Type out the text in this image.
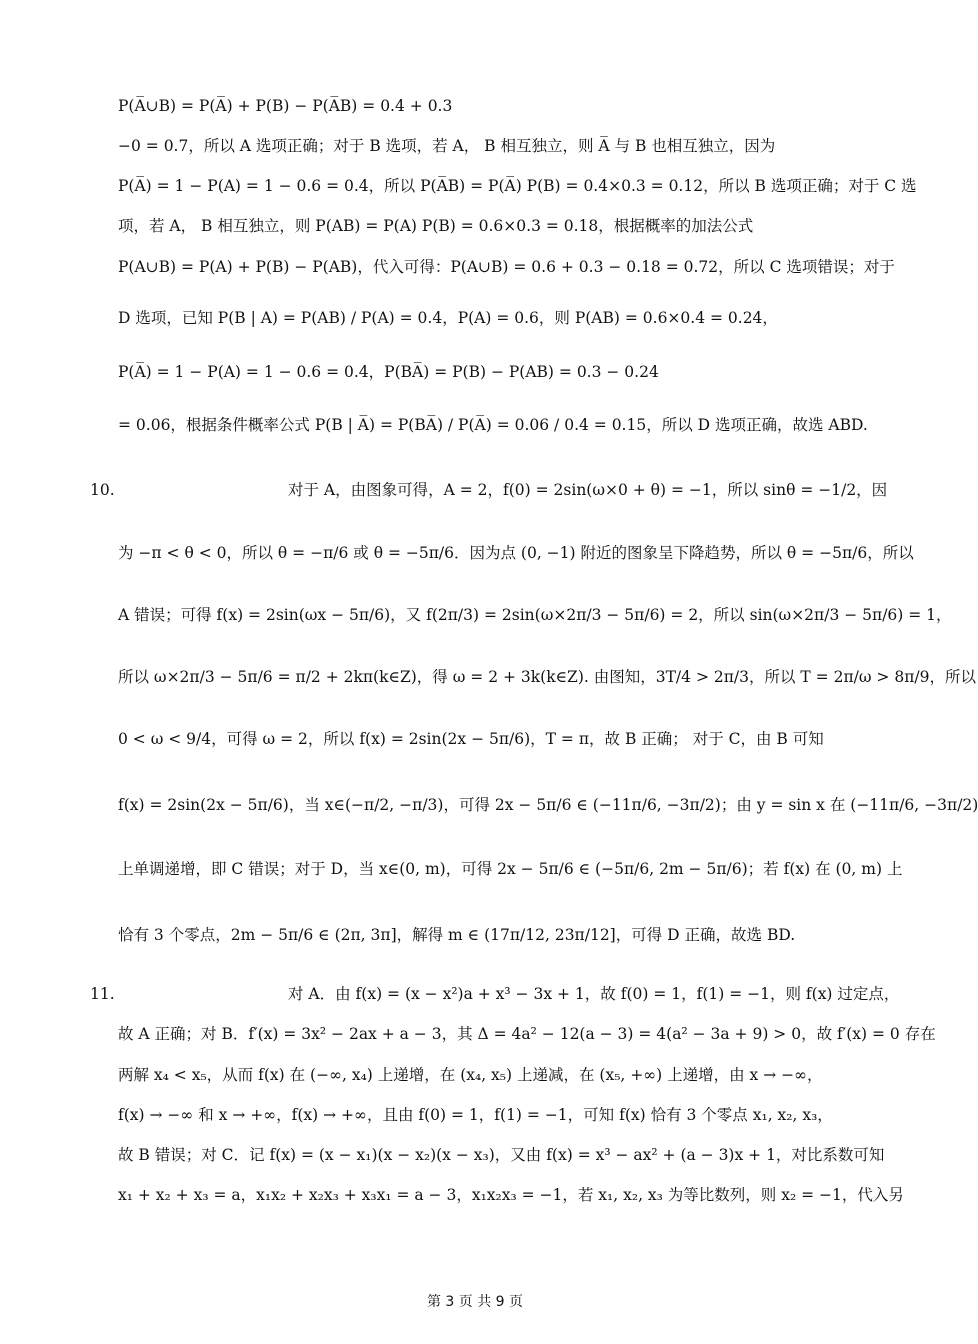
P(A̅∪B) = P(A̅) + P(B) − P(A̅B) = 0.4 + 0.3
−0 = 0.7，所以 A 选项正确；对于 B 选项，若 A， B 相互独立，则 A̅ 与 B 也相互独立，因为
P(A̅) = 1 − P(A) = 1 − 0.6 = 0.4，所以 P(A̅B) = P(A̅) P(B) = 0.4×0.3 = 0.12，所以 B 选项正确；对于 C 选
项，若 A， B 相互独立，则 P(AB) = P(A) P(B) = 0.6×0.3 = 0.18，根据概率的加法公式
P(A∪B) = P(A) + P(B) − P(AB)，代入可得：P(A∪B) = 0.6 + 0.3 − 0.18 = 0.72，所以 C 选项错误；对于
D 选项，已知 P(B | A) = P(AB) / P(A) = 0.4，P(A) = 0.6，则 P(AB) = 0.6×0.4 = 0.24，
P(A̅) = 1 − P(A) = 1 − 0.6 = 0.4，P(BA̅) = P(B) − P(AB) = 0.3 − 0.24
= 0.06，根据条件概率公式 P(B | A̅) = P(BA̅) / P(A̅) = 0.06 / 0.4 = 0.15，所以 D 选项正确，故选 ABD.
10.	对于 A，由图象可得，A = 2，f(0) = 2sin(ω×0 + θ) = −1，所以 sinθ = −1/2，因
为 −π < θ < 0，所以 θ = −π/6 或 θ = −5π/6．因为点 (0, −1) 附近的图象呈下降趋势，所以 θ = −5π/6，所以
A 错误；可得 f(x) = 2sin(ωx − 5π/6)，又 f(2π/3) = 2sin(ω×2π/3 − 5π/6) = 2，所以 sin(ω×2π/3 − 5π/6) = 1，
所以 ω×2π/3 − 5π/6 = π/2 + 2kπ(k∈Z)，得 ω = 2 + 3k(k∈Z). 由图知，3T/4 > 2π/3，所以 T = 2π/ω > 8π/9，所以
0 < ω < 9/4，可得 ω = 2，所以 f(x) = 2sin(2x − 5π/6)，T = π，故 B 正确； 对于 C，由 B 可知
f(x) = 2sin(2x − 5π/6)，当 x∈(−π/2, −π/3)，可得 2x − 5π/6 ∈ (−11π/6, −3π/2)；由 y = sin x 在 (−11π/6, −3π/2)
上单调递增，即 C 错误；对于 D，当 x∈(0, m)，可得 2x − 5π/6 ∈ (−5π/6, 2m − 5π/6)；若 f(x) 在 (0, m) 上
恰有 3 个零点，2m − 5π/6 ∈ (2π, 3π]，解得 m ∈ (17π/12, 23π/12]，可得 D 正确，故选 BD.
11.	对 A．由 f(x) = (x − x²)a + x³ − 3x + 1，故 f(0) = 1，f(1) = −1，则 f(x) 过定点，
故 A 正确；对 B．f′(x) = 3x² − 2ax + a − 3，其 Δ = 4a² − 12(a − 3) = 4(a² − 3a + 9) > 0，故 f′(x) = 0 存在
两解 x₄ < x₅，从而 f(x) 在 (−∞, x₄) 上递增，在 (x₄, x₅) 上递减，在 (x₅, +∞) 上递增，由 x → −∞，
f(x) → −∞ 和 x → +∞，f(x) → +∞，且由 f(0) = 1，f(1) = −1，可知 f(x) 恰有 3 个零点 x₁, x₂, x₃，
故 B 错误；对 C．记 f(x) = (x − x₁)(x − x₂)(x − x₃)，又由 f(x) = x³ − ax² + (a − 3)x + 1，对比系数可知
x₁ + x₂ + x₃ = a，x₁x₂ + x₂x₃ + x₃x₁ = a − 3，x₁x₂x₃ = −1，若 x₁, x₂, x₃ 为等比数列，则 x₂ = −1，代入另
第 3 页 共 9 页
